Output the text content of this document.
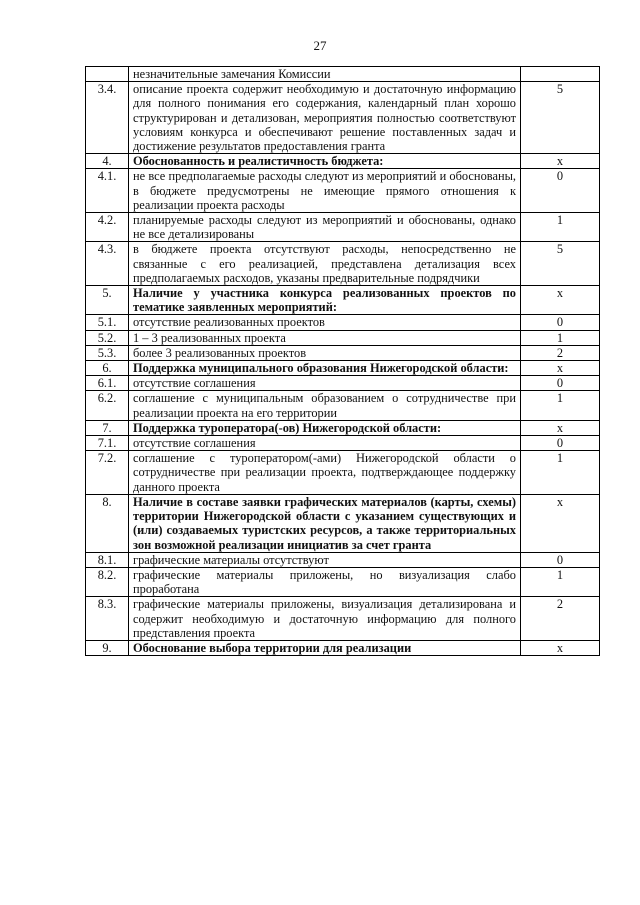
27
	незначительные замечания Комиссии	
3.4.	описание проекта содержит необходимую и достаточную информацию для полного понимания его содержания, календарный план хорошо структурирован и детализован, мероприятия полностью соответствуют условиям конкурса и обеспечивают решение поставленных задач и достижение результатов предоставления гранта	5
4.	Обоснованность и реалистичность бюджета:	х
4.1.	не все предполагаемые расходы следуют из мероприятий и обоснованы, в бюджете предусмотрены не имеющие прямого отношения к реализации проекта расходы	0
4.2.	планируемые расходы следуют из мероприятий и обоснованы, однако не все детализированы	1
4.3.	в бюджете проекта отсутствуют расходы, непосредственно не связанные с его реализацией, представлена детализация всех предполагаемых расходов, указаны предварительные подрядчики	5
5.	Наличие у участника конкурса реализованных проектов по тематике заявленных мероприятий:	х
5.1.	отсутствие реализованных проектов	0
5.2.	1 – 3 реализованных проекта	1
5.3.	более 3 реализованных проектов	2
6.	Поддержка муниципального образования Нижегородской области:	х
6.1.	отсутствие соглашения	0
6.2.	соглашение с муниципальным образованием о сотрудничестве при реализации проекта на его территории	1
7.	Поддержка туроператора(-ов) Нижегородской области:	х
7.1.	отсутствие соглашения	0
7.2.	соглашение с туроператором(-ами) Нижегородской области о сотрудничестве при реализации проекта, подтверждающее поддержку данного проекта	1
8.	Наличие в составе заявки графических материалов (карты, схемы) территории Нижегородской области с указанием существующих и (или) создаваемых туристских ресурсов, а также территориальных зон возможной реализации инициатив за счет гранта	х
8.1.	графические материалы отсутствуют	0
8.2.	графические материалы приложены, но визуализация слабо проработана	1
8.3.	графические материалы приложены, визуализация детализирована и содержит необходимую и достаточную информацию для полного представления проекта	2
9.	Обоснование выбора территории для реализации	х
